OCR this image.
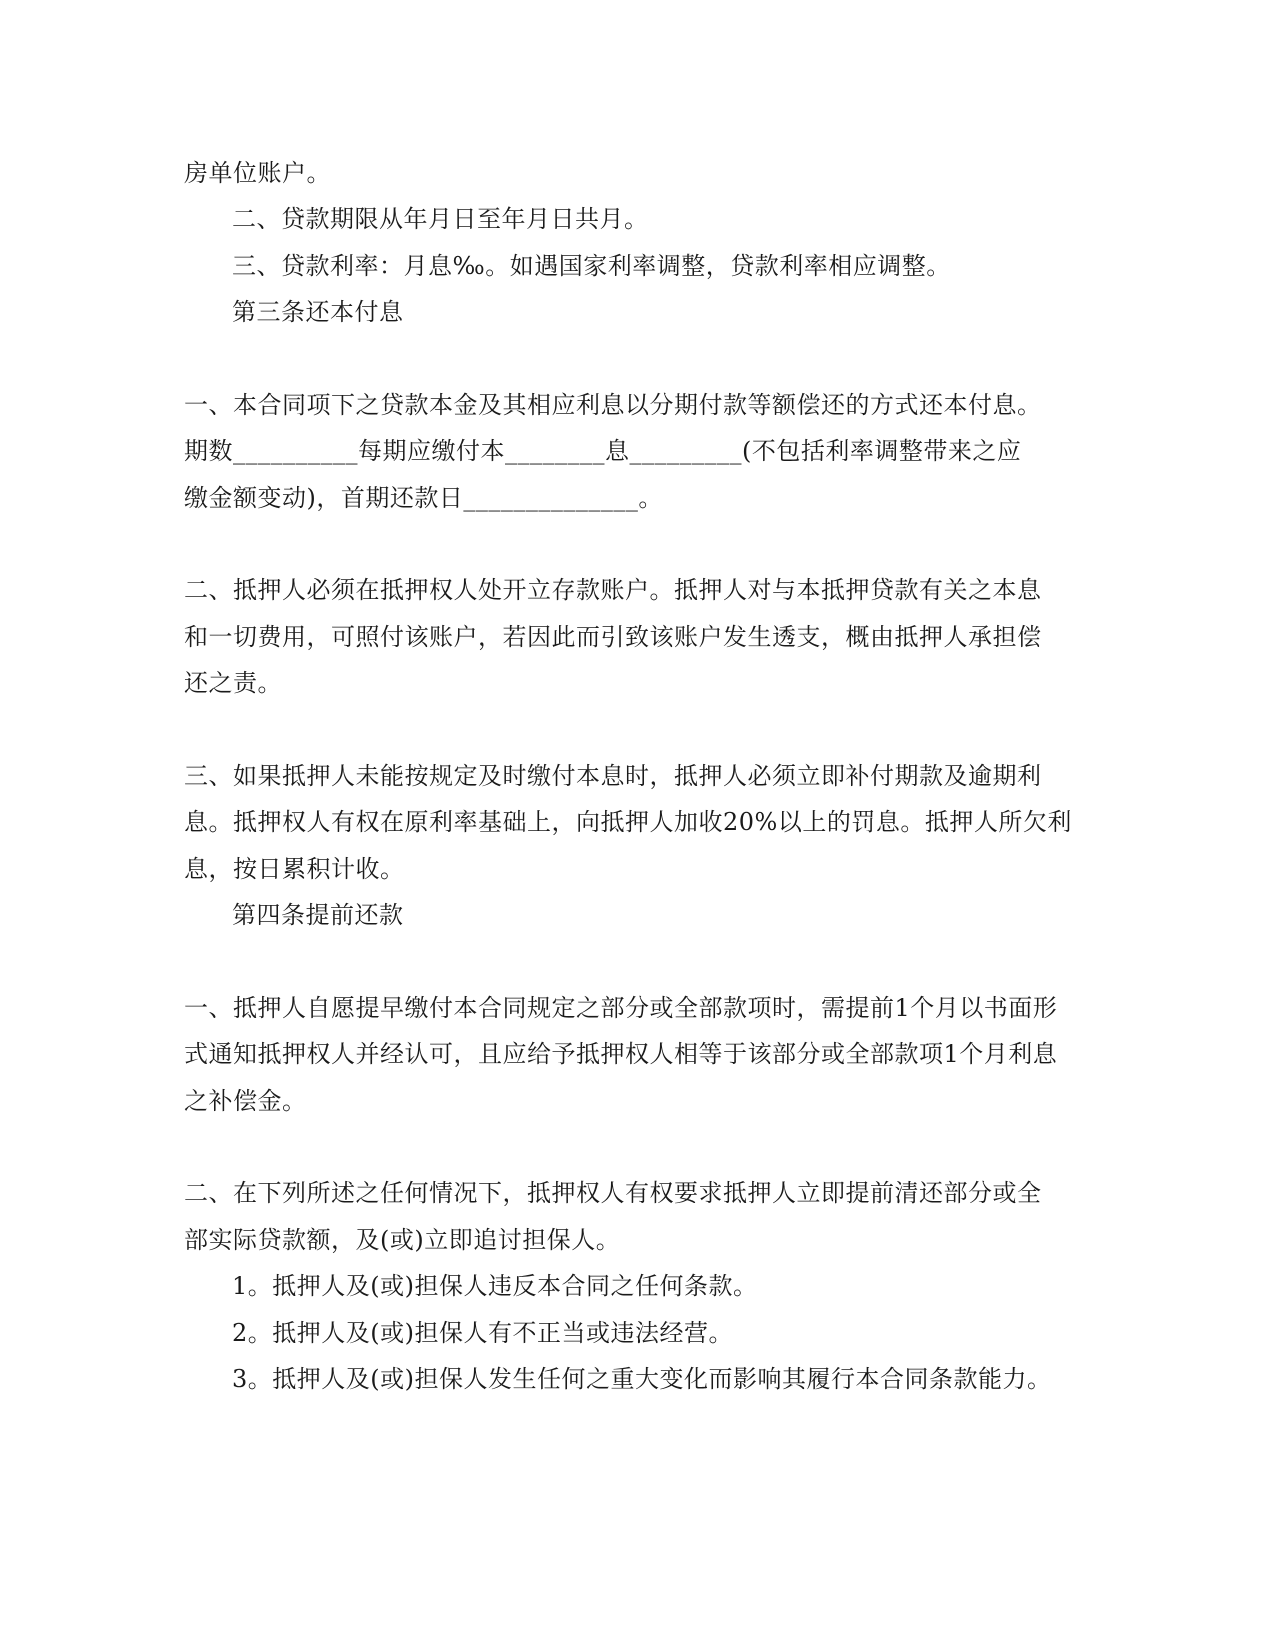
房单位账户。
二、贷款期限从年月日至年月日共月。
三、贷款利率：月息‰。如遇国家利率调整，贷款利率相应调整。
第三条还本付息
一、本合同项下之贷款本金及其相应利息以分期付款等额偿还的方式还本付息。
期数__________每期应缴付本________息_________(不包括利率调整带来之应
缴金额变动)，首期还款日______________。
二、抵押人必须在抵押权人处开立存款账户。抵押人对与本抵押贷款有关之本息
和一切费用，可照付该账户，若因此而引致该账户发生透支，概由抵押人承担偿
还之责。
三、如果抵押人未能按规定及时缴付本息时，抵押人必须立即补付期款及逾期利
息。抵押权人有权在原利率基础上，向抵押人加收20%以上的罚息。抵押人所欠利
息，按日累积计收。
第四条提前还款
一、抵押人自愿提早缴付本合同规定之部分或全部款项时，需提前1个月以书面形
式通知抵押权人并经认可，且应给予抵押权人相等于该部分或全部款项1个月利息
之补偿金。
二、在下列所述之任何情况下，抵押权人有权要求抵押人立即提前清还部分或全
部实际贷款额，及(或)立即追讨担保人。
1。抵押人及(或)担保人违反本合同之任何条款。
2。抵押人及(或)担保人有不正当或违法经营。
3。抵押人及(或)担保人发生任何之重大变化而影响其履行本合同条款能力。
